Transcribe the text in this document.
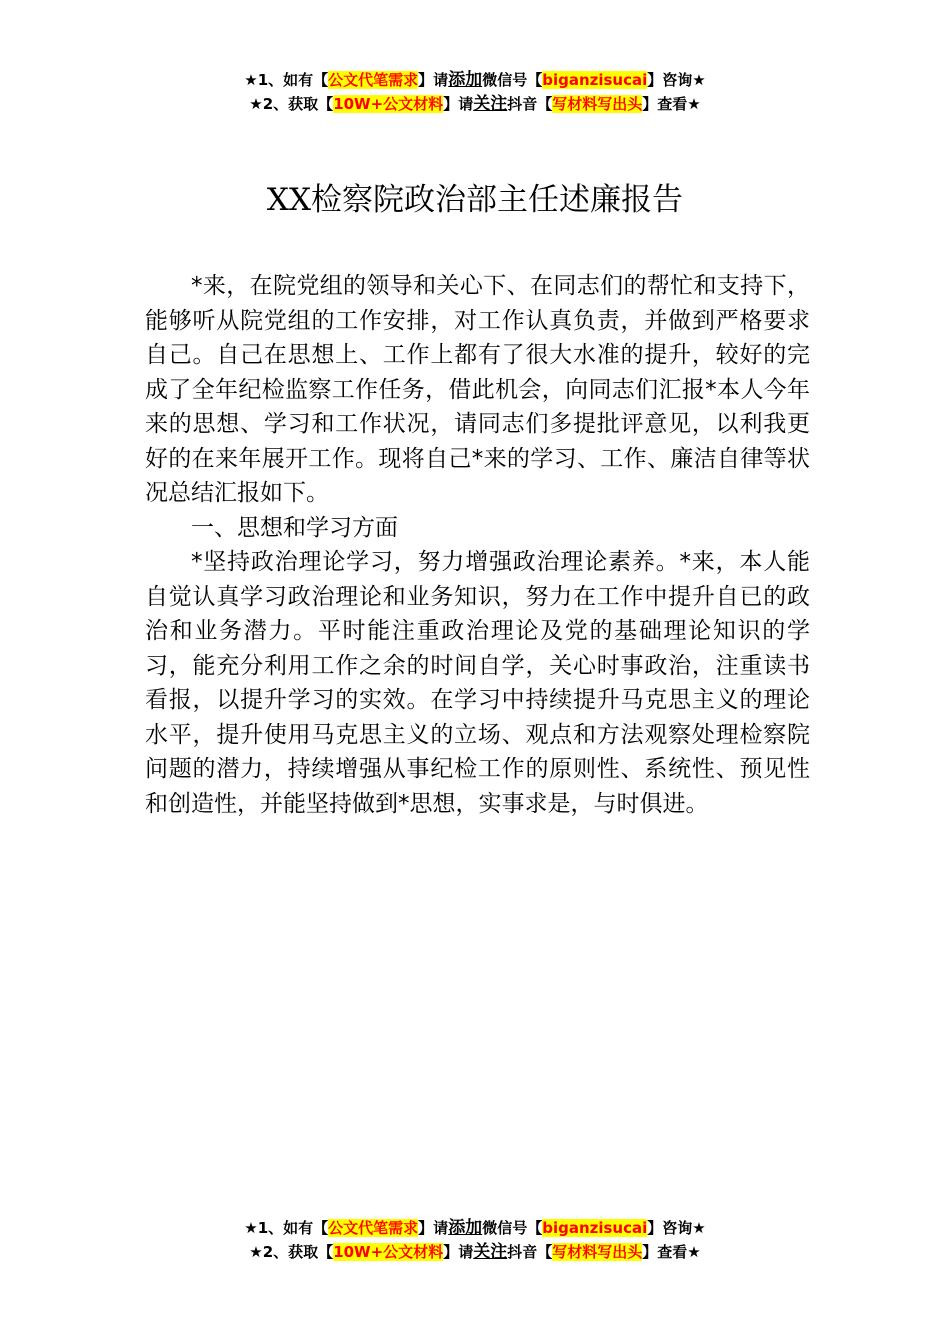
★1、如有【公文代笔需求】请添加微信号【biganzisucai】咨询★
★2、获取【10W+公文材料】请关注抖音【写材料写出头】查看★
XX检察院政治部主任述廉报告

*来，在院党组的领导和关心下、在同志们的帮忙和支持下，能够听从院党组的工作安排，对工作认真负责，并做到严格要求自己。自己在思想上、工作上都有了很大水准的提升，较好的完成了全年纪检监察工作任务，借此机会，向同志们汇报*本人今年来的思想、学习和工作状况，请同志们多提批评意见，以利我更好的在来年展开工作。现将自己*来的学习、工作、廉洁自律等状况总结汇报如下。

一、思想和学习方面

*坚持政治理论学习，努力增强政治理论素养。*来，本人能自觉认真学习政治理论和业务知识，努力在工作中提升自已的政治和业务潜力。平时能注重政治理论及党的基础理论知识的学习，能充分利用工作之余的时间自学，关心时事政治，注重读书看报，以提升学习的实效。在学习中持续提升马克思主义的理论水平，提升使用马克思主义的立场、观点和方法观察处理检察院问题的潜力，持续增强从事纪检工作的原则性、系统性、预见性和创造性，并能坚持做到*思想，实事求是，与时俱进。

★1、如有【公文代笔需求】请添加微信号【biganzisucai】咨询★
★2、获取【10W+公文材料】请关注抖音【写材料写出头】查看★
